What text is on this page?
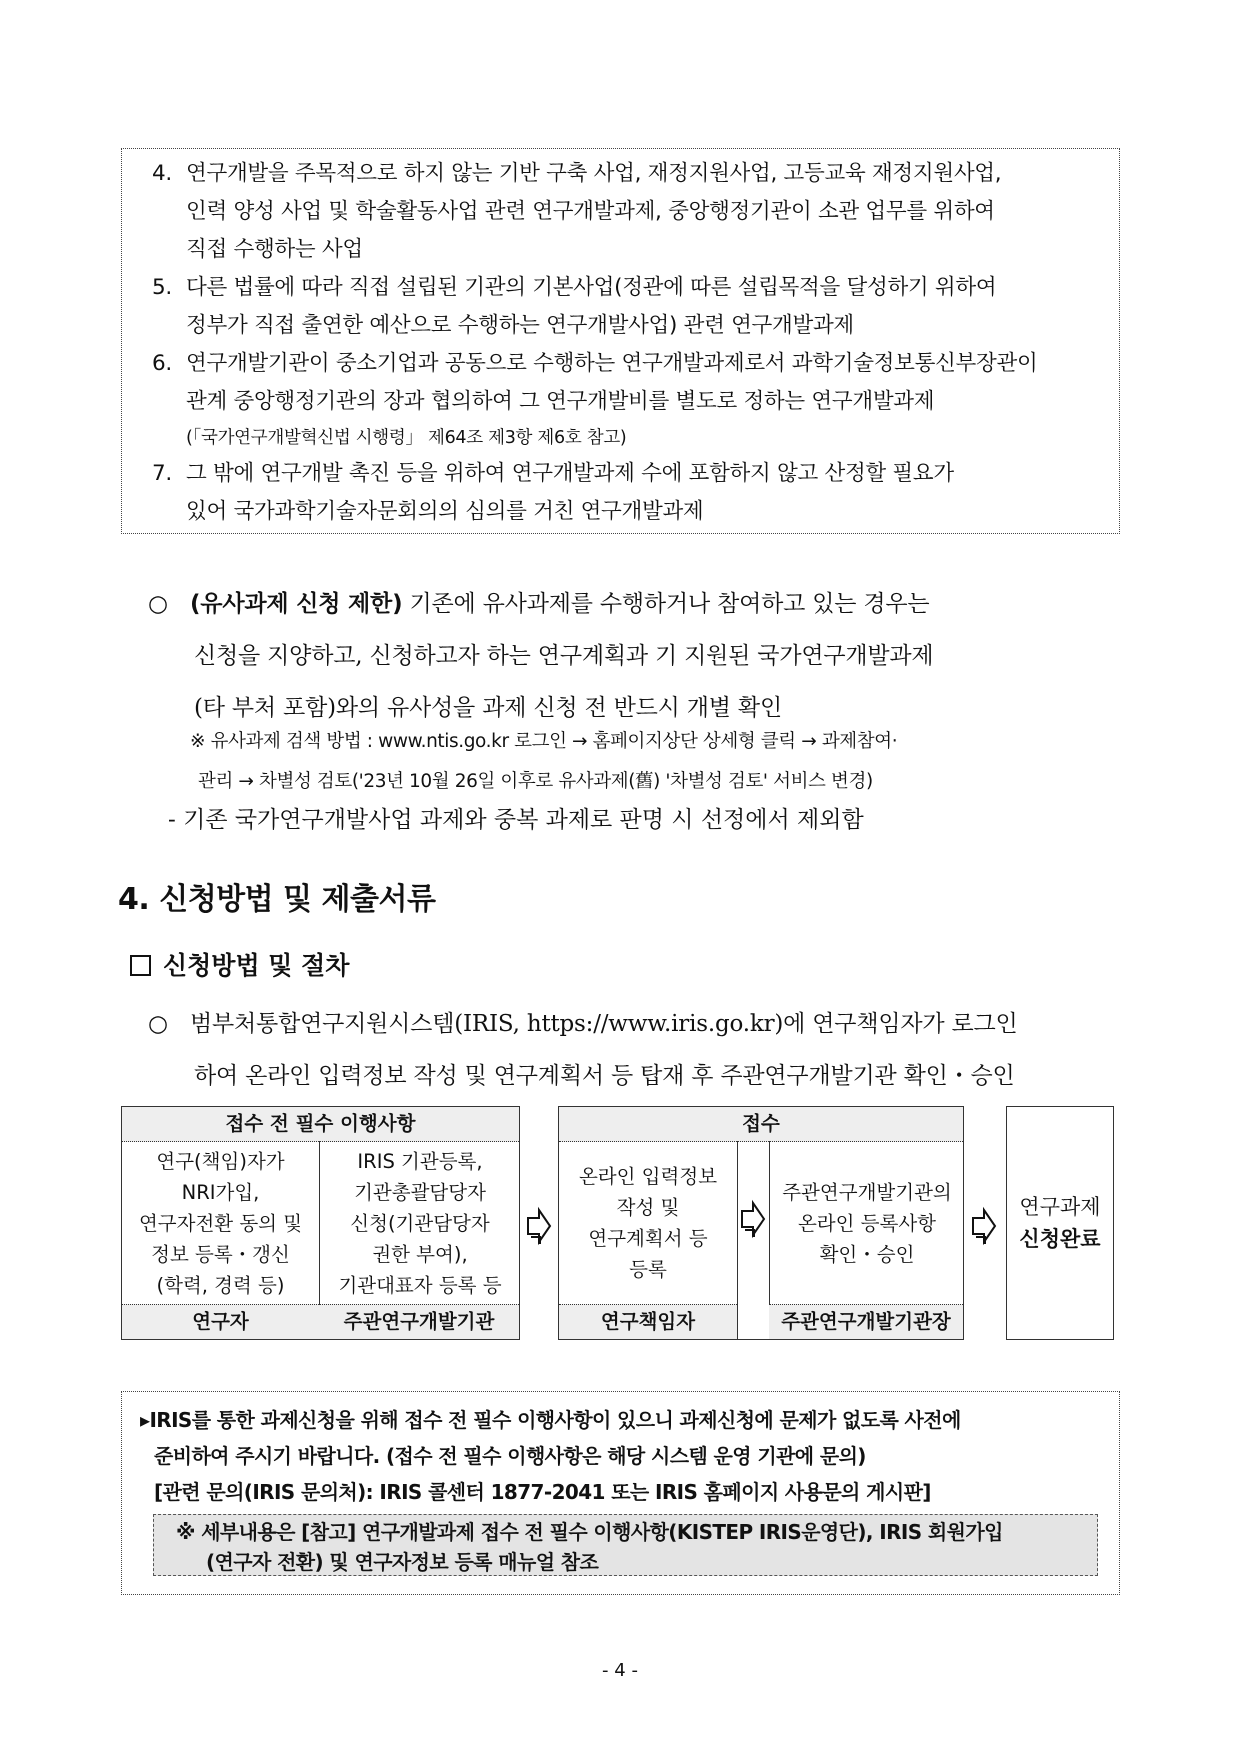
4. 연구개발을 주목적으로 하지 않는 기반 구축 사업, 재정지원사업, 고등교육 재정지원사업,
인력 양성 사업 및 학술활동사업 관련 연구개발과제, 중앙행정기관이 소관 업무를 위하여
직접 수행하는 사업
5. 다른 법률에 따라 직접 설립된 기관의 기본사업(정관에 따른 설립목적을 달성하기 위하여
정부가 직접 출연한 예산으로 수행하는 연구개발사업) 관련 연구개발과제
6. 연구개발기관이 중소기업과 공동으로 수행하는 연구개발과제로서 과학기술정보통신부장관이
관계 중앙행정기관의 장과 협의하여 그 연구개발비를 별도로 정하는 연구개발과제
(「국가연구개발혁신법 시행령」 제64조 제3항 제6호 참고)
7. 그 밖에 연구개발 촉진 등을 위하여 연구개발과제 수에 포함하지 않고 산정할 필요가
있어 국가과학기술자문회의의 심의를 거친 연구개발과제
○ (유사과제 신청 제한) 기존에 유사과제를 수행하거나 참여하고 있는 경우는
신청을 지양하고, 신청하고자 하는 연구계획과 기 지원된 국가연구개발과제
(타 부처 포함)와의 유사성을 과제 신청 전 반드시 개별 확인
※ 유사과제 검색 방법 : www.ntis.go.kr 로그인 → 홈페이지상단 상세형 클릭 → 과제참여·
관리 → 차별성 검토('23년 10월 26일 이후로 유사과제(舊) '차별성 검토' 서비스 변경)
- 기존 국가연구개발사업 과제와 중복 과제로 판명 시 선정에서 제외함
4. 신청방법 및 제출서류
신청방법 및 절차
○ 범부처통합연구지원시스템(IRIS, https://www.iris.go.kr)에 연구책임자가 로그인
하여 온라인 입력정보 작성 및 연구계획서 등 탑재 후 주관연구개발기관 확인・승인
접수 전 필수 이행사항
연구(책임)자가
NRI가입,
연구자전환 동의 및
정보 등록・갱신
(학력, 경력 등)
IRIS 기관등록,
기관총괄담당자
신청(기관담당자
권한 부여),
기관대표자 등록 등
연구자	주관연구개발기관
접수
온라인 입력정보
작성 및
연구계획서 등
등록
주관연구개발기관의
온라인 등록사항
확인・승인
연구책임자	주관연구개발기관장
연구과제
신청완료
▸IRIS를 통한 과제신청을 위해 접수 전 필수 이행사항이 있으니 과제신청에 문제가 없도록 사전에
준비하여 주시기 바랍니다. (접수 전 필수 이행사항은 해당 시스템 운영 기관에 문의)
[관련 문의(IRIS 문의처): IRIS 콜센터 1877-2041 또는 IRIS 홈페이지 사용문의 게시판]
※ 세부내용은 [참고] 연구개발과제 접수 전 필수 이행사항(KISTEP IRIS운영단), IRIS 회원가입
(연구자 전환) 및 연구자정보 등록 매뉴얼 참조
- 4 -
